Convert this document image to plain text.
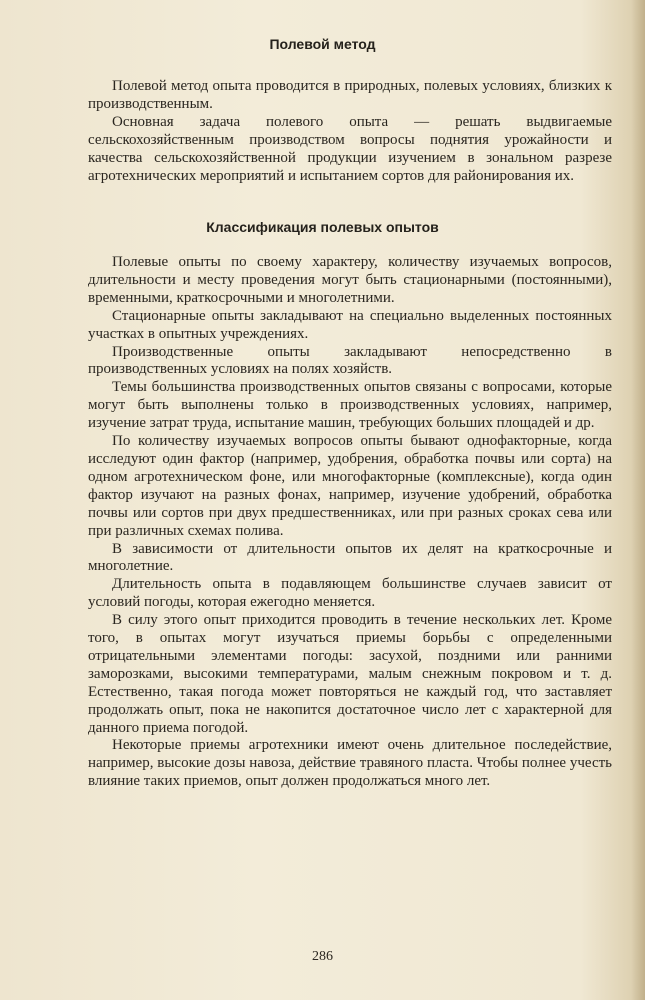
Полевой метод

Полевой метод опыта проводится в природных, полевых условиях, близких к производственным.

Основная задача полевого опыта — решать выдвигаемые сельскохозяйственным производством вопросы поднятия урожайности и качества сельскохозяйственной продукции изучением в зональном разрезе агротехнических мероприятий и испытанием сортов для районирования их.

Классификация полевых опытов

Полевые опыты по своему характеру, количеству изучаемых вопросов, длительности и месту проведения могут быть стационарными (постоянными), временными, краткосрочными и многолетними.

Стационарные опыты закладывают на специально выделенных постоянных участках в опытных учреждениях.

Производственные опыты закладывают непосредственно в производственных условиях на полях хозяйств.

Темы большинства производственных опытов связаны с вопросами, которые могут быть выполнены только в производственных условиях, например, изучение затрат труда, испытание машин, требующих больших площадей и др.

По количеству изучаемых вопросов опыты бывают однофакторные, когда исследуют один фактор (например, удобрения, обработка почвы или сорта) на одном агротехническом фоне, или многофакторные (комплексные), когда один фактор изучают на разных фонах, например, изучение удобрений, обработка почвы или сортов при двух предшественниках, или при разных сроках сева или при различных схемах полива.

В зависимости от длительности опытов их делят на краткосрочные и многолетние.

Длительность опыта в подавляющем большинстве случаев зависит от условий погоды, которая ежегодно меняется.

В силу этого опыт приходится проводить в течение нескольких лет. Кроме того, в опытах могут изучаться приемы борьбы с определенными отрицательными элементами погоды: засухой, поздними или ранними заморозками, высокими температурами, малым снежным покровом и т. д. Естественно, такая погода может повторяться не каждый год, что заставляет продолжать опыт, пока не накопится достаточное число лет с характерной для данного приема погодой.

Некоторые приемы агротехники имеют очень длительное последействие, например, высокие дозы навоза, действие травяного пласта. Чтобы полнее учесть влияние таких приемов, опыт должен продолжаться много лет.

286
